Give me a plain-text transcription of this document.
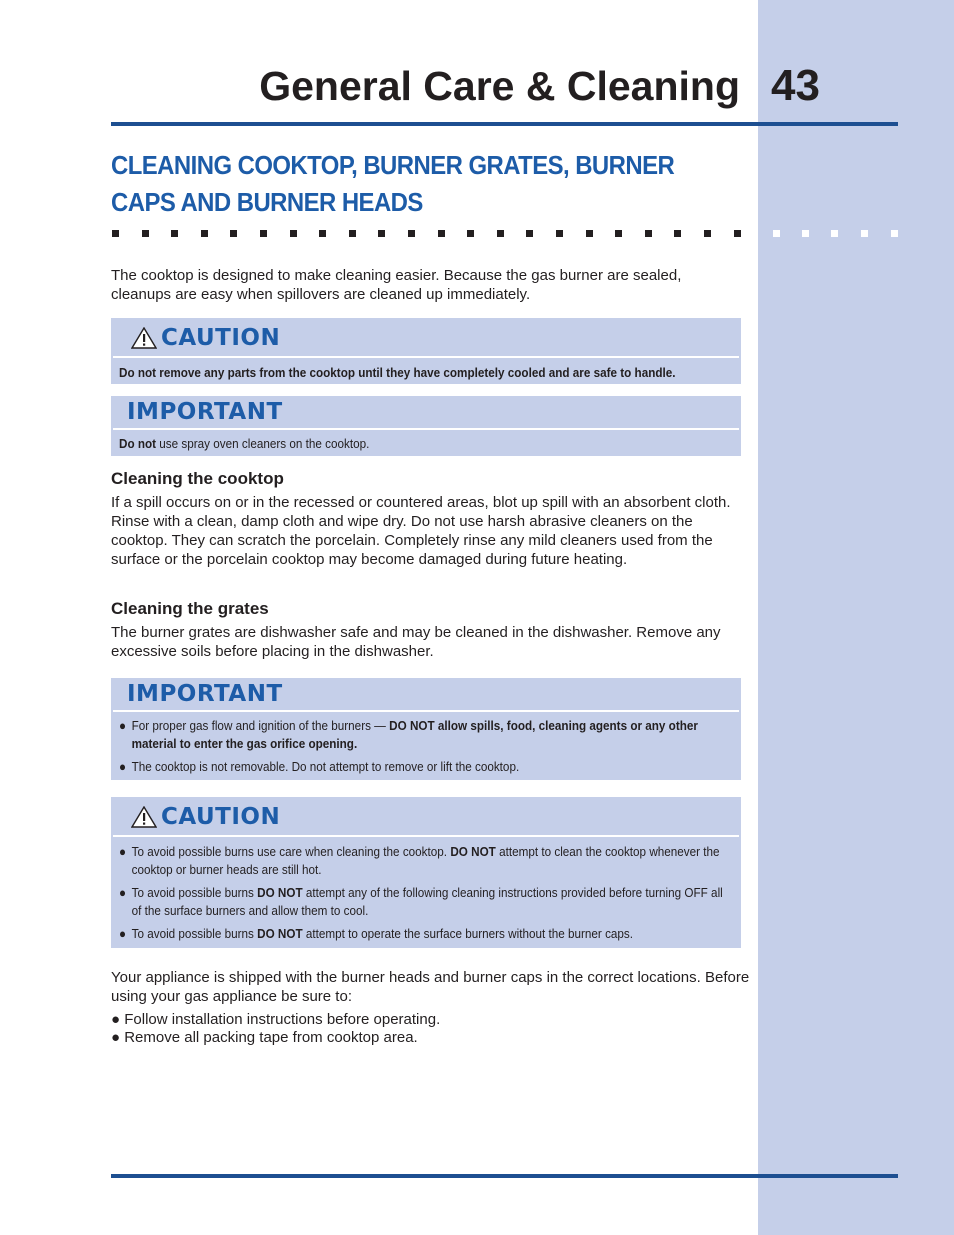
General Care & Cleaning 43
CLEANING COOKTOP, BURNER GRATES, BURNER
CAPS AND BURNER HEADS

The cooktop is designed to make cleaning easier. Because the gas burner are sealed, cleanups are easy when spillovers are cleaned up immediately.

CAUTION
Do not remove any parts from the cooktop until they have completely cooled and are safe to handle.
IMPORTANT
Do not use spray oven cleaners on the cooktop.
Cleaning the cooktop

If a spill occurs on or in the recessed or countered areas, blot up spill with an absorbent cloth. Rinse with a clean, damp cloth and wipe dry. Do not use harsh abrasive cleaners on the cooktop. They can scratch the porcelain. Completely rinse any mild cleaners used from the surface or the porcelain cooktop may become damaged during future heating.

Cleaning the grates

The burner grates are dishwasher safe and may be cleaned in the dishwasher. Remove any excessive soils before placing in the dishwasher.

IMPORTANT
● For proper gas flow and ignition of the burners — DO NOT allow spills, food, cleaning agents or any other material to enter the gas orifice opening.
● The cooktop is not removable. Do not attempt to remove or lift the cooktop.
CAUTION
● To avoid possible burns use care when cleaning the cooktop. DO NOT attempt to clean the cooktop whenever the cooktop or burner heads are still hot.
● To avoid possible burns DO NOT attempt any of the following cleaning instructions provided before turning OFF all of the surface burners and allow them to cool.
● To avoid possible burns DO NOT attempt to operate the surface burners without the burner caps.

Your appliance is shipped with the burner heads and burner caps in the correct locations. Before using your gas appliance be sure to:

● Follow installation instructions before operating.

● Remove all packing tape from cooktop area.
